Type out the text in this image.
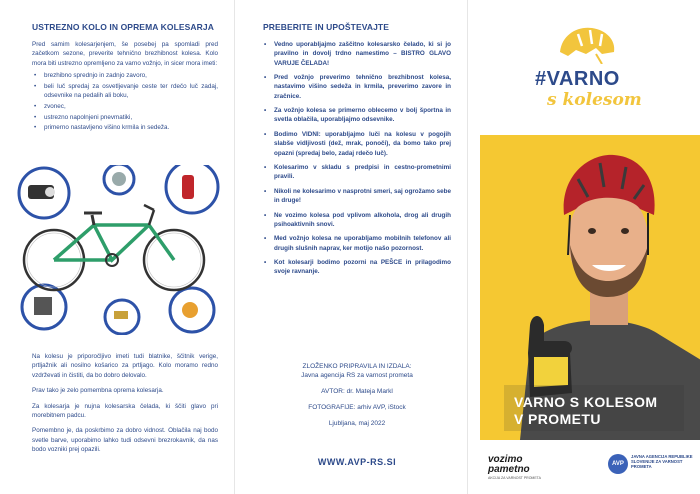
USTREZNO KOLO IN OPREMA KOLESARJA

Pred samim kolesarjenjem, še posebej pa spomladi pred začetkom sezone, preverite tehnično brezhibnost kolesa. Kolo mora biti ustrezno opremljeno za varno vožnjo, in sicer mora imeti:

• brezhibno sprednjo in zadnjo zavoro,
• beli luč spredaj za osvetljevanje ceste ter rdečo luč zadaj, odsevnike na pedalih ali boku,
• zvonec,
• ustrezno napolnjeni pnevmatiki,
• primerno nastavljeno višino krmila in sedeža.

Na kolesu je priporočljivo imeti tudi blatnike, ščitnik verige, prtljažnik ali nosilno košarico za prtljago. Kolo moramo redno vzdrževati in čistiti, da bo dobro delovalo.

Prav tako je zelo pomembna oprema kolesarja.

Za kolesarja je nujna kolesarska čelada, ki ščiti glavo pri morebitnem padcu.

Pomembno je, da poskrbimo za dobro vidnost. Oblačila naj bodo svetle barve, uporabimo lahko tudi odsevni brezrokavnik, da nas bodo vozniki prej opazili.

PREBERITE IN UPOŠTEVAJTE
• Vedno uporabljajmo zaščitno kolesarsko čelado, ki si jo pravilno in dovolj trdno namestimo – BISTRO GLAVO VARUJE ČELADA!
• Pred vožnjo preverimo tehnično brezhibnost kolesa, nastavimo višino sedeža in krmila, preverimo zavore in zračnice.
• Za vožnjo kolesa se primerno oblecemo v bolj športna in svetla oblačila, uporabljajmo odsevnike.
• Bodimo VIDNI: uporabljajmo luči na kolesu v pogojih slabše vidljivosti (dež, mrak, ponoči), da bomo tako prej opazni (spredaj belo, zadaj rdečo luč).
• Kolesarimo v skladu s predpisi in cestno-prometnimi pravili.
• Nikoli ne kolesarimo v nasprotni smeri, saj ogrožamo sebe in druge!
• Ne vozimo kolesa pod vplivom alkohola, drog ali drugih psihoaktivnih snovi.
• Med vožnjo kolesa ne uporabljamo mobilnih telefonov ali drugih slušnih naprav, ker motijo našo pozornost.
• Kot kolesarji bodimo pozorni na PEŠCE in prilagodimo svoje ravnanje.

ZLOŽENKO PRIPRAVILA IN IZDALA:
Javna agencija RS za varnost prometa

AVTOR: dr. Mateja Markl

FOTOGRAFIJE: arhiv AVP, iStock

Ljubljana, maj 2022

WWW.AVP-RS.SI
#VARNO
s kolesom
VARNO S KOLESOM
V PROMETU
vozimo
pametno
AKCIJA ZA VARNOST PROMETA
AVP
JAVNA AGENCIJA REPUBLIKE SLOVENIJE ZA VARNOST PROMETA
